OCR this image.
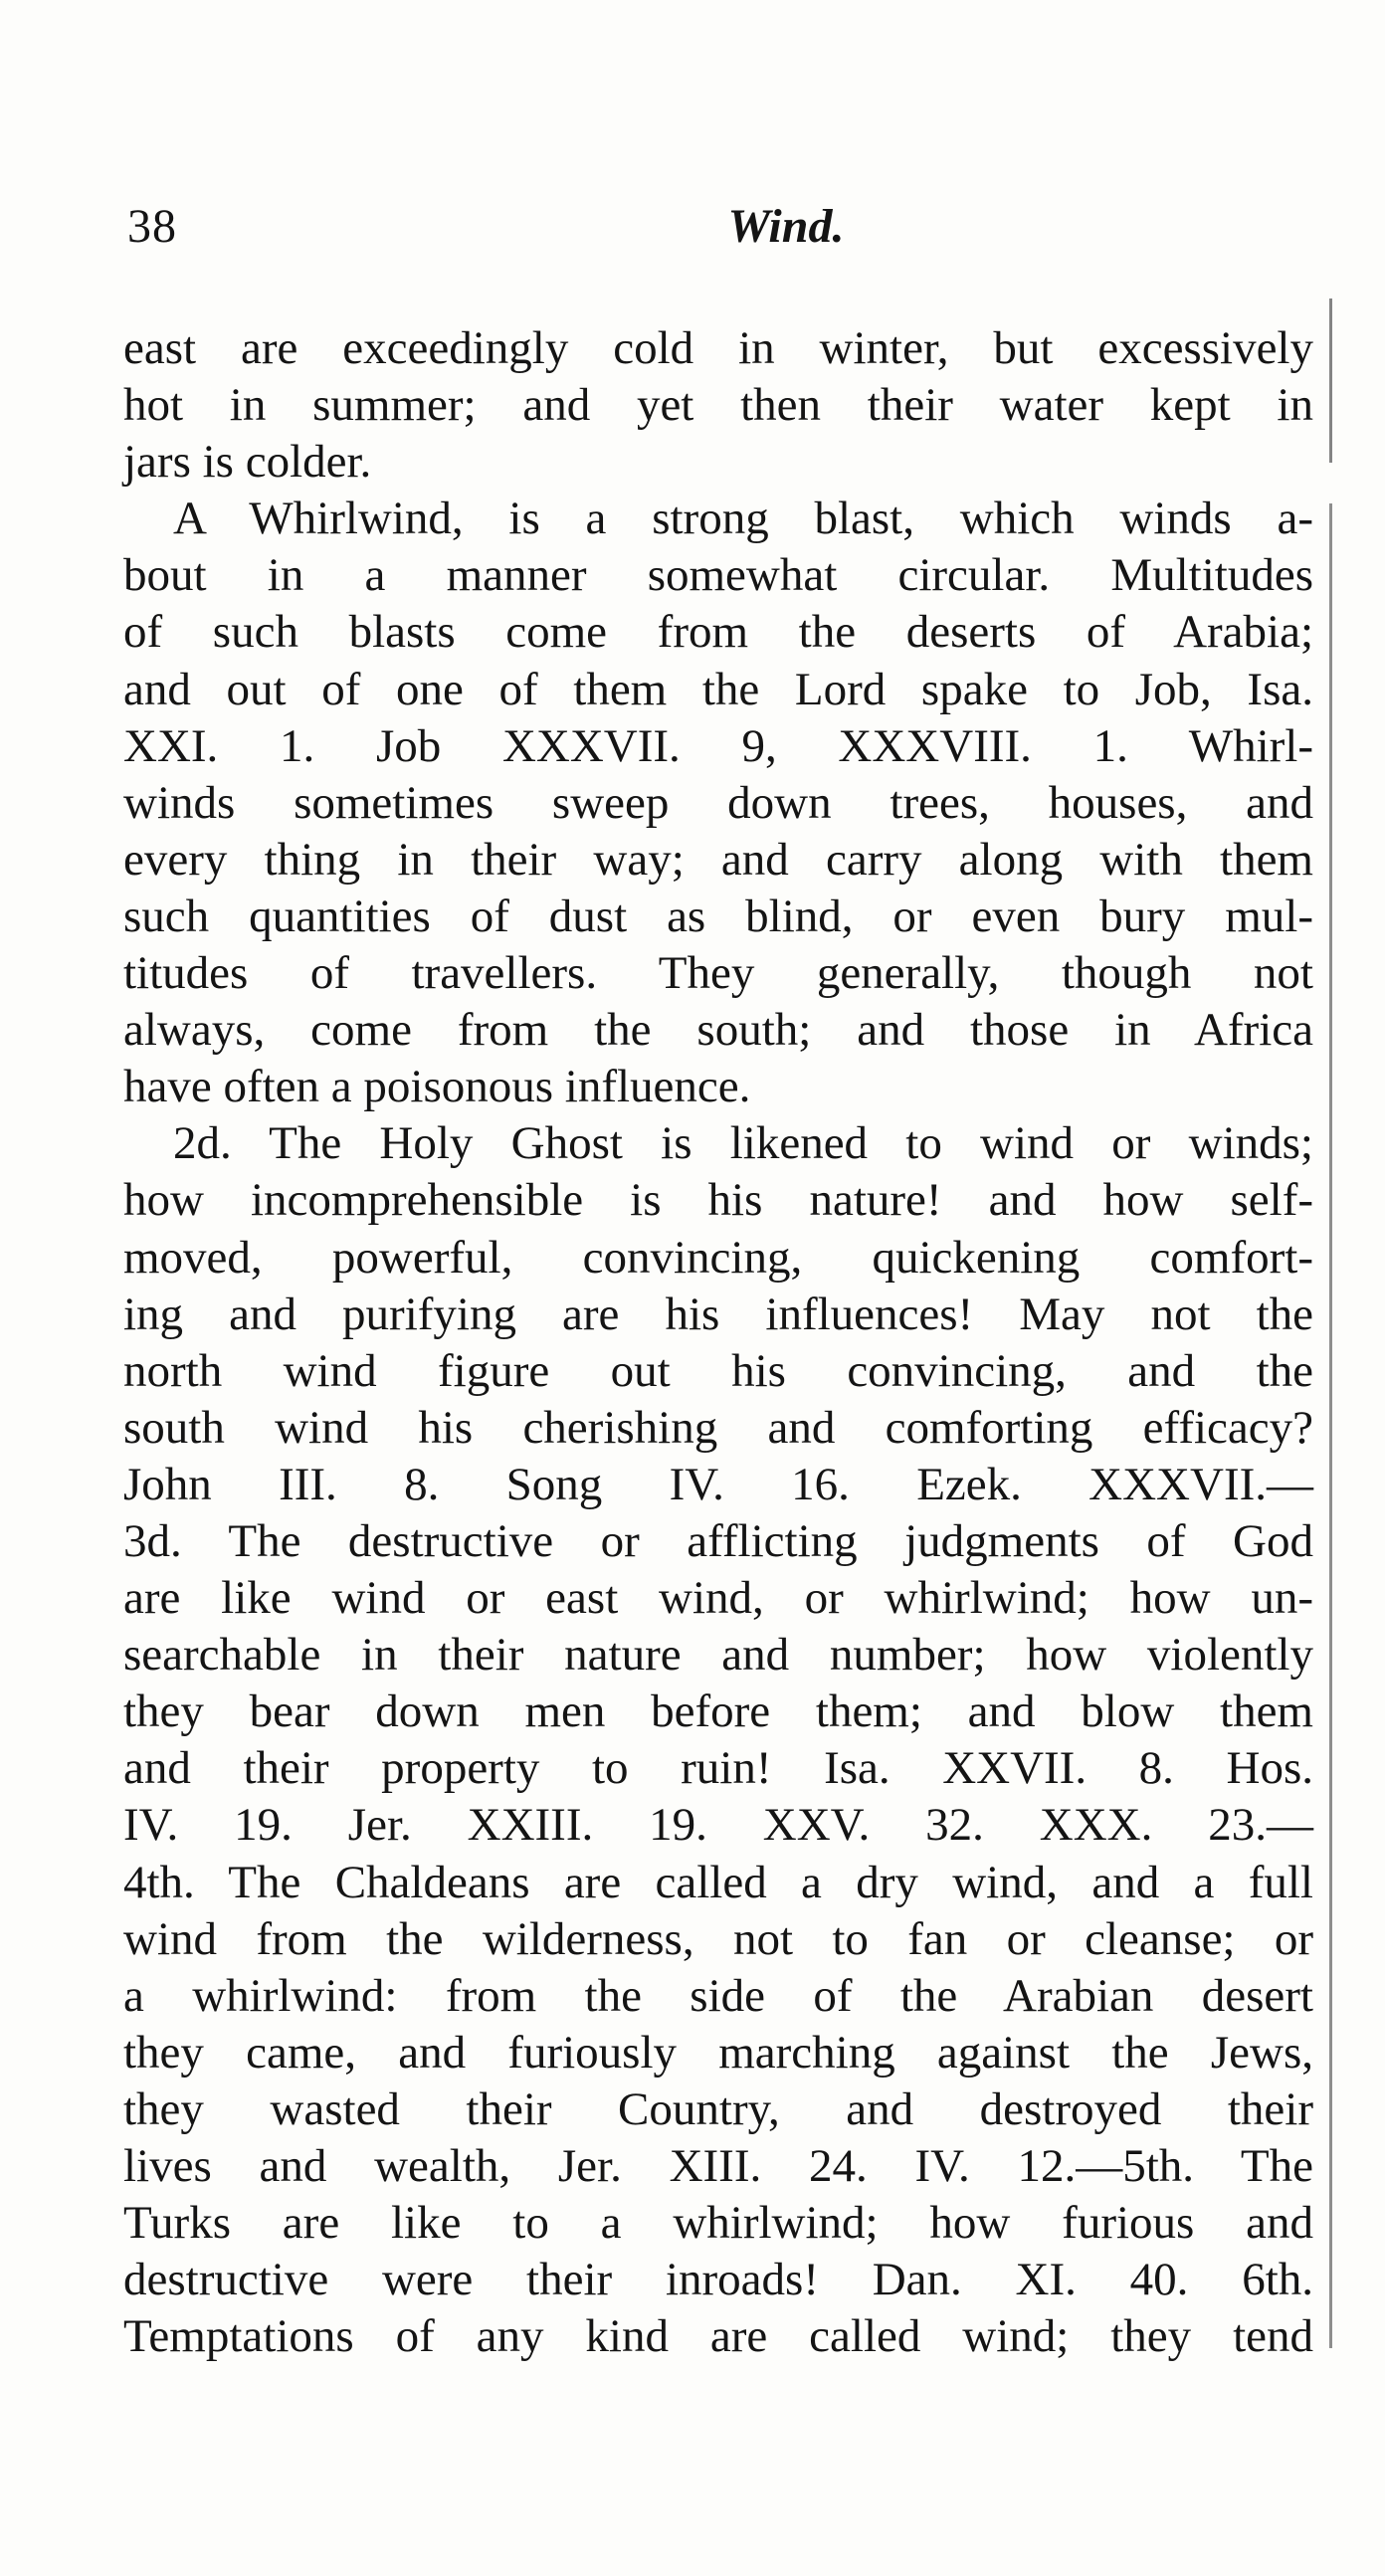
38	Wind.
east are exceedingly cold in winter, but excessively
hot in summer; and yet then their water kept in
jars is colder.
A Whirlwind, is a strong blast, which winds a-
bout in a manner somewhat circular. Multitudes
of such blasts come from the deserts of Arabia;
and out of one of them the Lord spake to Job, Isa.
XXI. 1. Job XXXVII. 9, XXXVIII. 1. Whirl-
winds sometimes sweep down trees, houses, and
every thing in their way; and carry along with them
such quantities of dust as blind, or even bury mul-
titudes of travellers. They generally, though not
always, come from the south; and those in Africa
have often a poisonous influence.
2d. The Holy Ghost is likened to wind or winds;
how incomprehensible is his nature! and how self-
moved, powerful, convincing, quickening comfort-
ing and purifying are his influences! May not the
north wind figure out his convincing, and the
south wind his cherishing and comforting efficacy?
John III. 8. Song IV. 16. Ezek. XXXVII.—
3d. The destructive or afflicting judgments of God
are like wind or east wind, or whirlwind; how un-
searchable in their nature and number; how violently
they bear down men before them; and blow them
and their property to ruin! Isa. XXVII. 8. Hos.
IV. 19. Jer. XXIII. 19. XXV. 32. XXX. 23.—
4th. The Chaldeans are called a dry wind, and a full
wind from the wilderness, not to fan or cleanse; or
a whirlwind: from the side of the Arabian desert
they came, and furiously marching against the Jews,
they wasted their Country, and destroyed their
lives and wealth, Jer. XIII. 24. IV. 12.—5th. The
Turks are like to a whirlwind; how furious and
destructive were their inroads! Dan. XI. 40. 6th.
Temptations of any kind are called wind; they tend
